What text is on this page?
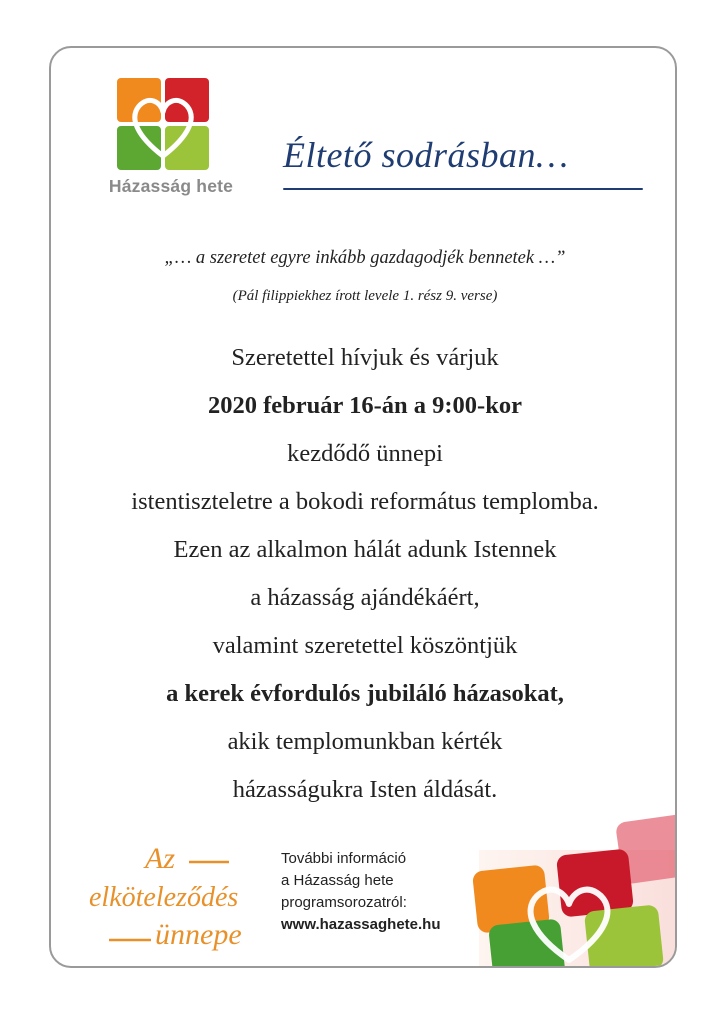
Házasság hete
Éltető sodrásban…
„… a szeretet egyre inkább gazdagodjék bennetek …”
(Pál filippiekhez írott levele 1. rész 9. verse)
Szeretettel hívjuk és várjuk
2020 február 16-án a 9:00-kor
kezdődő ünnepi
istentiszteletre a bokodi református templomba.
Ezen az alkalmon hálát adunk Istennek
a házasság ajándékáért,
valamint szeretettel köszöntjük
a kerek évfordulós jubiláló házasokat,
akik templomunkban kérték
házasságukra Isten áldását.
Az
elköteleződés
ünnepe
További információ
a Házasság hete
programsorozatról:
www.hazassaghete.hu
